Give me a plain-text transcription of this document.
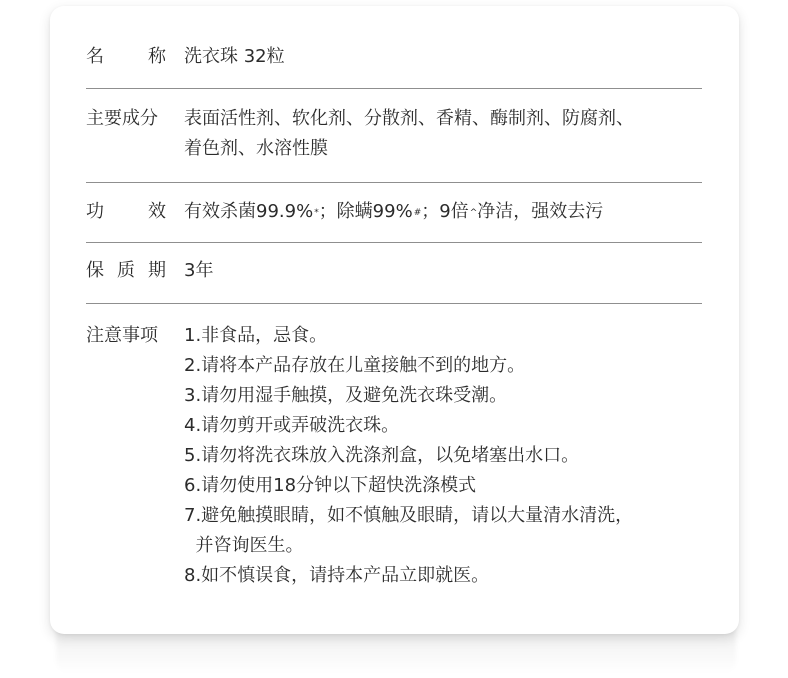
名 称 洗衣珠 32粒
主要成分	表面活性剂、软化剂、分散剂、香精、酶制剂、防腐剂、
着色剂、水溶性膜
功 效 有效杀菌99.9%*；除螨99%#；9倍^净洁，强效去污
保 质 期 3年
注意事项	1.非食品，忌食。
2.请将本产品存放在儿童接触不到的地方。
3.请勿用湿手触摸，及避免洗衣珠受潮。
4.请勿剪开或弄破洗衣珠。
5.请勿将洗衣珠放入洗涤剂盒，以免堵塞出水口。
6.请勿使用18分钟以下超快洗涤模式
7.避免触摸眼睛，如不慎触及眼睛，请以大量清水清洗，
并咨询医生。
8.如不慎误食，请持本产品立即就医。
